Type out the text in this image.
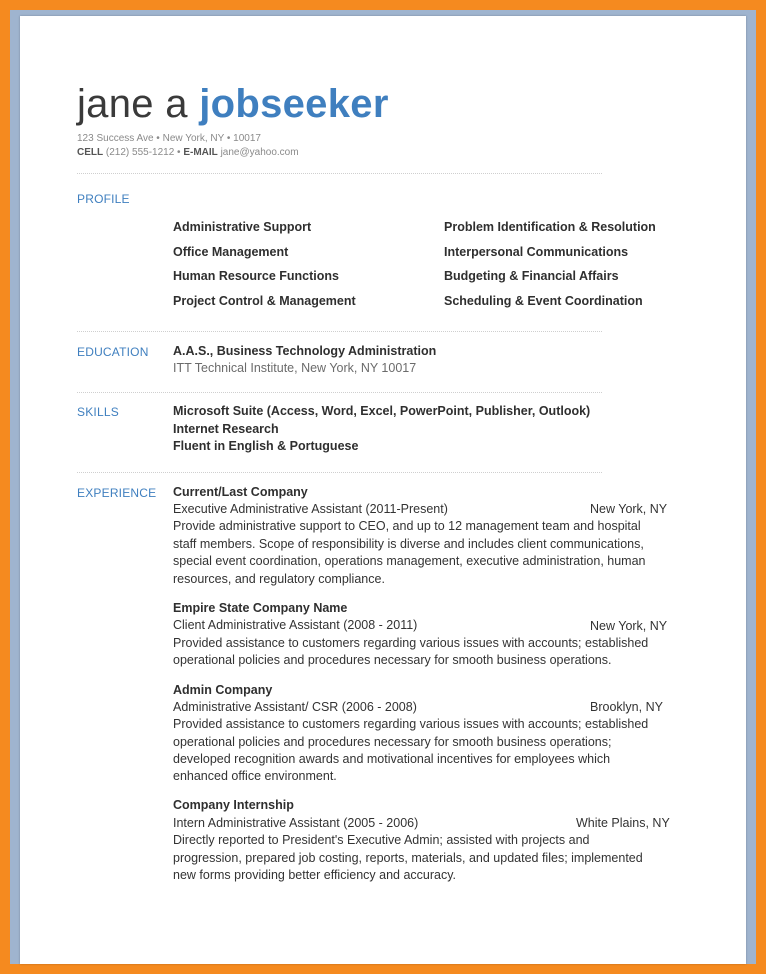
jane a jobseeker
123 Success Ave • New York, NY • 10017
CELL (212) 555-1212 • E-MAIL jane@yahoo.com
PROFILE
Administrative Support
Office Management
Human Resource Functions
Project Control & Management
Problem Identification & Resolution
Interpersonal Communications
Budgeting & Financial Affairs
Scheduling & Event Coordination
EDUCATION A.A.S., Business Technology Administration
ITT Technical Institute, New York, NY 10017
SKILLS	Microsoft Suite (Access, Word, Excel, PowerPoint, Publisher, Outlook)
Internet Research
Fluent in English & Portuguese
EXPERIENCE Current/Last Company
Executive Administrative Assistant (2011-Present)	New York, NY
Provide administrative support to CEO, and up to 12 management team and hospital
staff members. Scope of responsibility is diverse and includes client communications,
special event coordination, operations management, executive administration, human
resources, and regulatory compliance.
Empire State Company Name
Client Administrative Assistant (2008 - 2011)	New York, NY
Provided assistance to customers regarding various issues with accounts; established
operational policies and procedures necessary for smooth business operations.
Admin Company
Administrative Assistant/ CSR (2006 - 2008)	Brooklyn, NY
Provided assistance to customers regarding various issues with accounts; established
operational policies and procedures necessary for smooth business operations;
developed recognition awards and motivational incentives for employees which
enhanced office environment.
Company Internship
Intern Administrative Assistant (2005 - 2006)	White Plains, NY
Directly reported to President's Executive Admin; assisted with projects and
progression, prepared job costing, reports, materials, and updated files; implemented
new forms providing better efficiency and accuracy.
